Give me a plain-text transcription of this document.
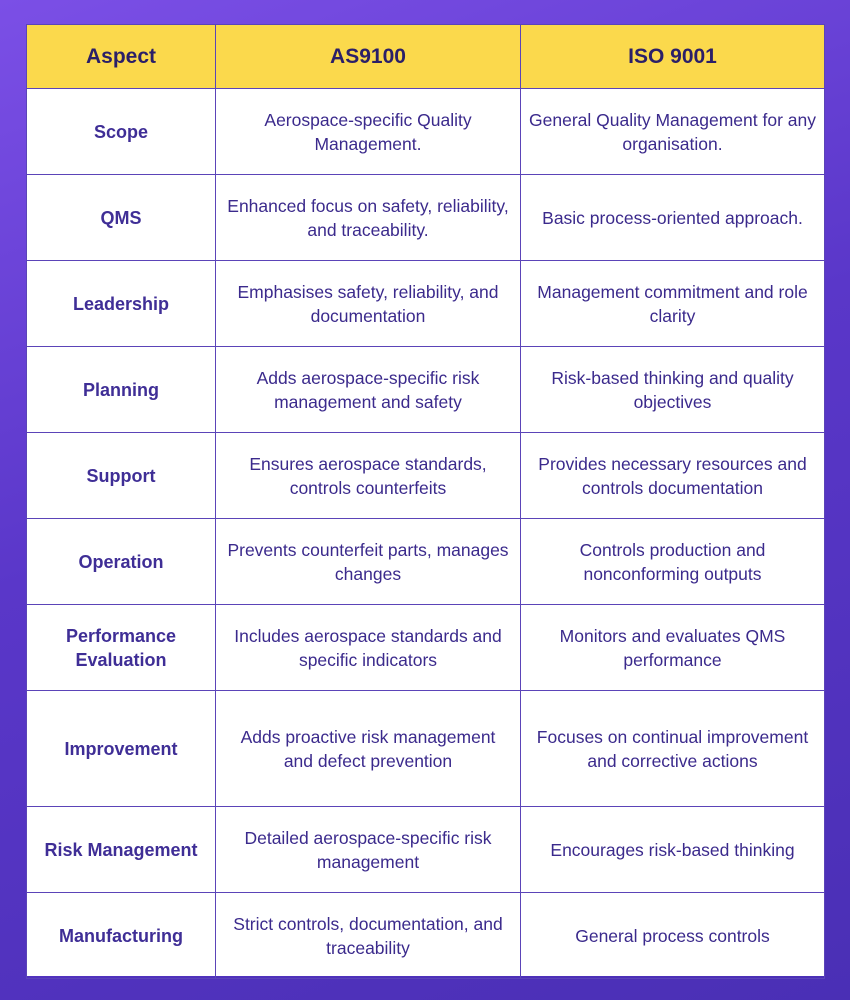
Aspect	AS9100	ISO 9001
Scope	Aerospace-specific Quality Management.	General Quality Management for any organisation.
QMS	Enhanced focus on safety, reliability, and traceability.	Basic process-oriented approach.
Leadership	Emphasises safety, reliability, and documentation	Management commitment and role clarity
Planning	Adds aerospace-specific risk management and safety	Risk-based thinking and quality objectives
Support	Ensures aerospace standards, controls counterfeits	Provides necessary resources and controls documentation
Operation	Prevents counterfeit parts, manages changes	Controls production and nonconforming outputs
Performance Evaluation	Includes aerospace standards and specific indicators	Monitors and evaluates QMS performance
Improvement	Adds proactive risk management and defect prevention	Focuses on continual improvement and corrective actions
Risk Management	Detailed aerospace-specific risk management	Encourages risk-based thinking
Manufacturing	Strict controls, documentation, and traceability	General process controls
